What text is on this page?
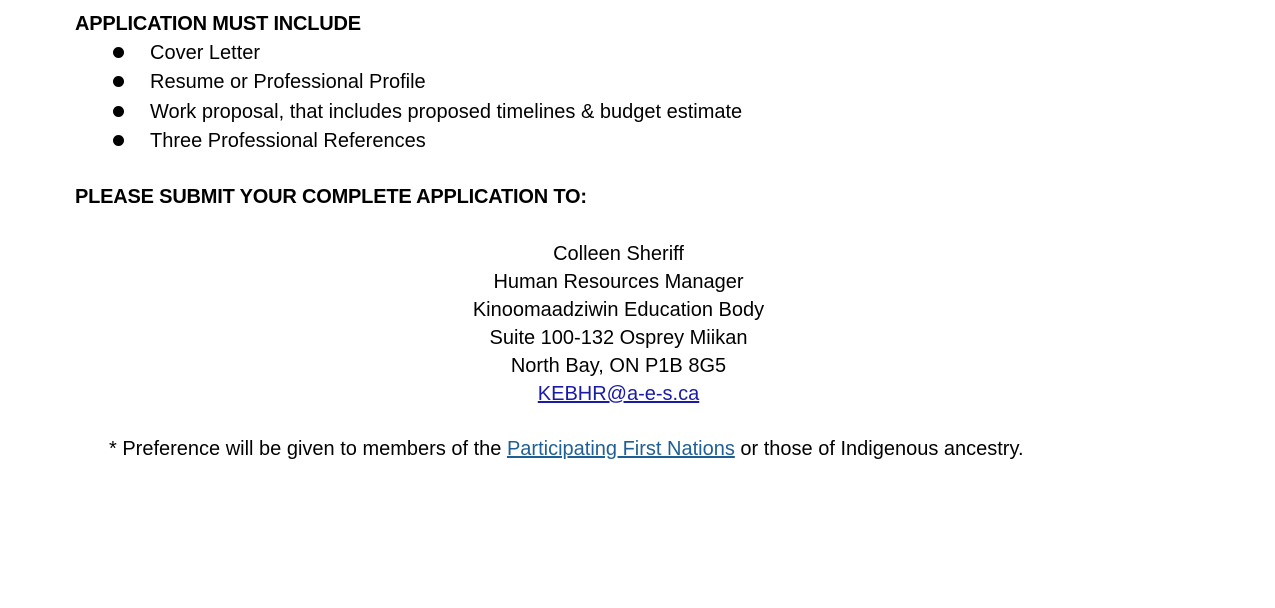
APPLICATION MUST INCLUDE
Cover Letter
Resume or Professional Profile
Work proposal, that includes proposed timelines & budget estimate
Three Professional References
PLEASE SUBMIT YOUR COMPLETE APPLICATION TO:
Colleen Sheriff
Human Resources Manager
Kinoomaadziwin Education Body
Suite 100-132 Osprey Miikan
North Bay, ON P1B 8G5
KEBHR@a-e-s.ca
* Preference will be given to members of the Participating First Nations or those of Indigenous ancestry.
